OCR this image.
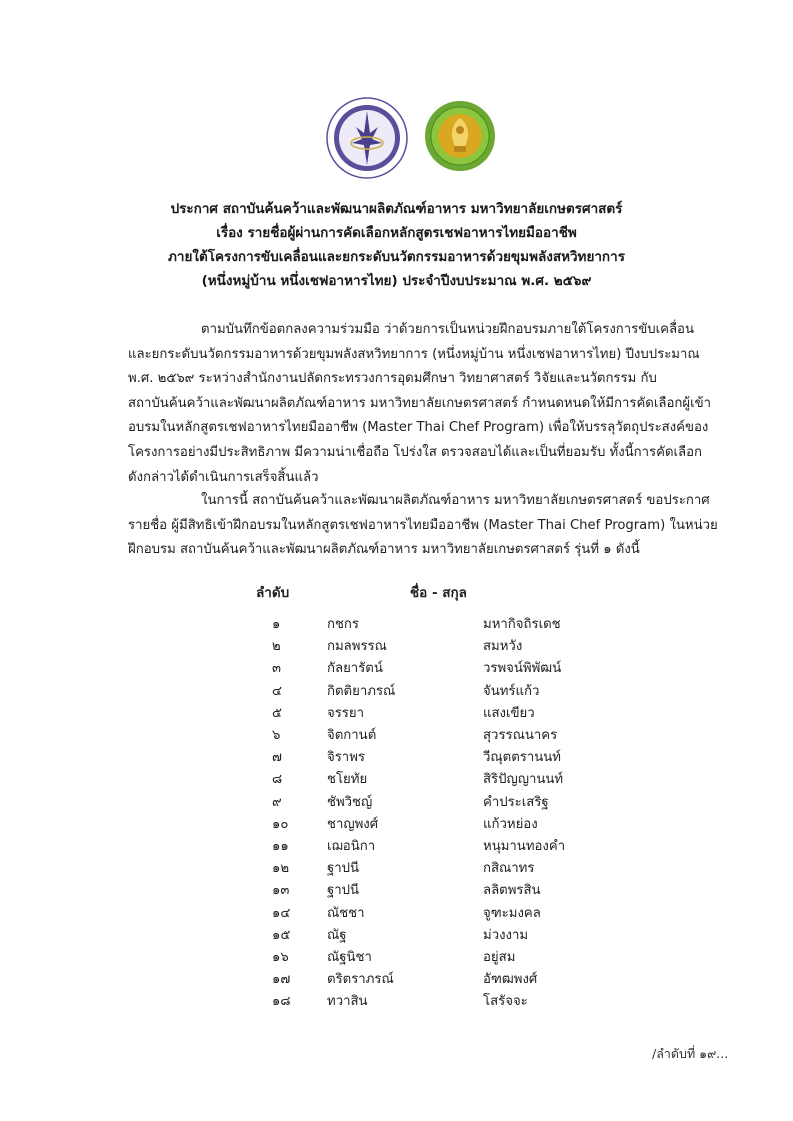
ประกาศ สถาบันค้นคว้าและพัฒนาผลิตภัณฑ์อาหาร มหาวิทยาลัยเกษตรศาสตร์
เรื่อง รายชื่อผู้ผ่านการคัดเลือกหลักสูตรเชฟอาหารไทยมืออาชีพ
ภายใต้โครงการขับเคลื่อนและยกระดับนวัตกรรมอาหารด้วยขุมพลังสหวิทยาการ
(หนึ่งหมู่บ้าน หนึ่งเชฟอาหารไทย) ประจำปีงบประมาณ พ.ศ. ๒๕๖๙
ตามบันทึกข้อตกลงความร่วมมือ ว่าด้วยการเป็นหน่วยฝึกอบรมภายใต้โครงการขับเคลื่อน
และยกระดับนวัตกรรมอาหารด้วยขุมพลังสหวิทยาการ (หนึ่งหมู่บ้าน หนึ่งเชฟอาหารไทย) ปีงบประมาณ
พ.ศ. ๒๕๖๙ ระหว่างสำนักงานปลัดกระทรวงการอุดมศึกษา วิทยาศาสตร์ วิจัยและนวัตกรรม กับ
สถาบันค้นคว้าและพัฒนาผลิตภัณฑ์อาหาร มหาวิทยาลัยเกษตรศาสตร์ กำหนดหนดให้มีการคัดเลือกผู้เข้า
อบรมในหลักสูตรเชฟอาหารไทยมืออาชีพ (Master Thai Chef Program) เพื่อให้บรรลุวัตถุประสงค์ของ
โครงการอย่างมีประสิทธิภาพ มีความน่าเชื่อถือ โปร่งใส ตรวจสอบได้และเป็นที่ยอมรับ ทั้งนี้การคัดเลือก
ดังกล่าวได้ดำเนินการเสร็จสิ้นแล้ว
ในการนี้ สถาบันค้นคว้าและพัฒนาผลิตภัณฑ์อาหาร มหาวิทยาลัยเกษตรศาสตร์ ขอประกาศ
รายชื่อ ผู้มีสิทธิเข้าฝึกอบรมในหลักสูตรเชฟอาหารไทยมืออาชีพ (Master Thai Chef Program) ในหน่วย
ฝึกอบรม สถาบันค้นคว้าและพัฒนาผลิตภัณฑ์อาหาร มหาวิทยาลัยเกษตรศาสตร์ รุ่นที่ ๑ ดังนี้
ลำดับ	ชื่อ - สกุล
๑	กชกร	มหากิจถิรเดช
๒	กมลพรรณ	สมหวัง
๓	กัลยารัตน์	วรพจน์พิพัฒน์
๔	กิตติยาภรณ์	จันทร์แก้ว
๕	จรรยา	แสงเขียว
๖	จิตกานต์	สุวรรณนาคร
๗	จิราพร	วีณุตตรานนท์
๘	ชโยทัย	สิริปัญญานนท์
๙	ชัพวิชญ์	คำประเสริฐ
๑๐	ชาญพงศ์	แก้วหย่อง
๑๑	เฌอนิกา	หนุมานทองคำ
๑๒	ฐาปนี	กสิณาทร
๑๓	ฐาปนี	ลลิตพรสิน
๑๔	ณัชชา	จูฑะมงคล
๑๕	ณัฐ	ม่วงงาม
๑๖	ณัฐนิชา	อยู่สม
๑๗	ตริตราภรณ์	อัฑฒพงศ์
๑๘	ทวาสิน	โสรัจจะ
/ลำดับที่ ๑๙...
